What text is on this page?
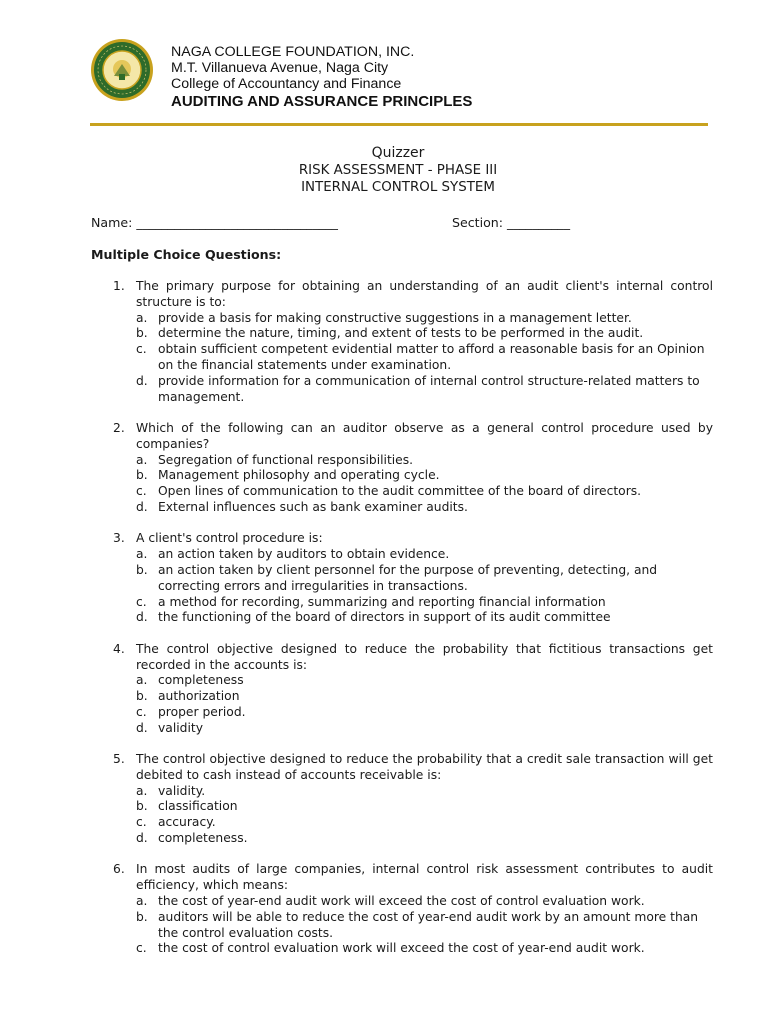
NAGA COLLEGE FOUNDATION, INC.
M.T. Villanueva Avenue, Naga City
College of Accountancy and Finance
AUDITING AND ASSURANCE PRINCIPLES
Quizzer
RISK ASSESSMENT - PHASE III
INTERNAL CONTROL SYSTEM
Name: ________________________________	Section: __________
Multiple Choice Questions:
1. The primary purpose for obtaining an understanding of an audit client's internal control structure is to:
a. provide a basis for making constructive suggestions in a management letter.
b. determine the nature, timing, and extent of tests to be performed in the audit.
c. obtain sufficient competent evidential matter to afford a reasonable basis for an Opinion on the financial statements under examination.
d. provide information for a communication of internal control structure-related matters to management.
2. Which of the following can an auditor observe as a general control procedure used by companies?
a. Segregation of functional responsibilities.
b. Management philosophy and operating cycle.
c. Open lines of communication to the audit committee of the board of directors.
d. External influences such as bank examiner audits.
3. A client's control procedure is:
a. an action taken by auditors to obtain evidence.
b. an action taken by client personnel for the purpose of preventing, detecting, and correcting errors and irregularities in transactions.
c. a method for recording, summarizing and reporting financial information
d. the functioning of the board of directors in support of its audit committee
4. The control objective designed to reduce the probability that fictitious transactions get recorded in the accounts is:
a. completeness
b. authorization
c. proper period.
d. validity
5. The control objective designed to reduce the probability that a credit sale transaction will get debited to cash instead of accounts receivable is:
a. validity.
b. classification
c. accuracy.
d. completeness.
6. In most audits of large companies, internal control risk assessment contributes to audit efficiency, which means:
a. the cost of year-end audit work will exceed the cost of control evaluation work.
b. auditors will be able to reduce the cost of year-end audit work by an amount more than the control evaluation costs.
c. the cost of control evaluation work will exceed the cost of year-end audit work.
